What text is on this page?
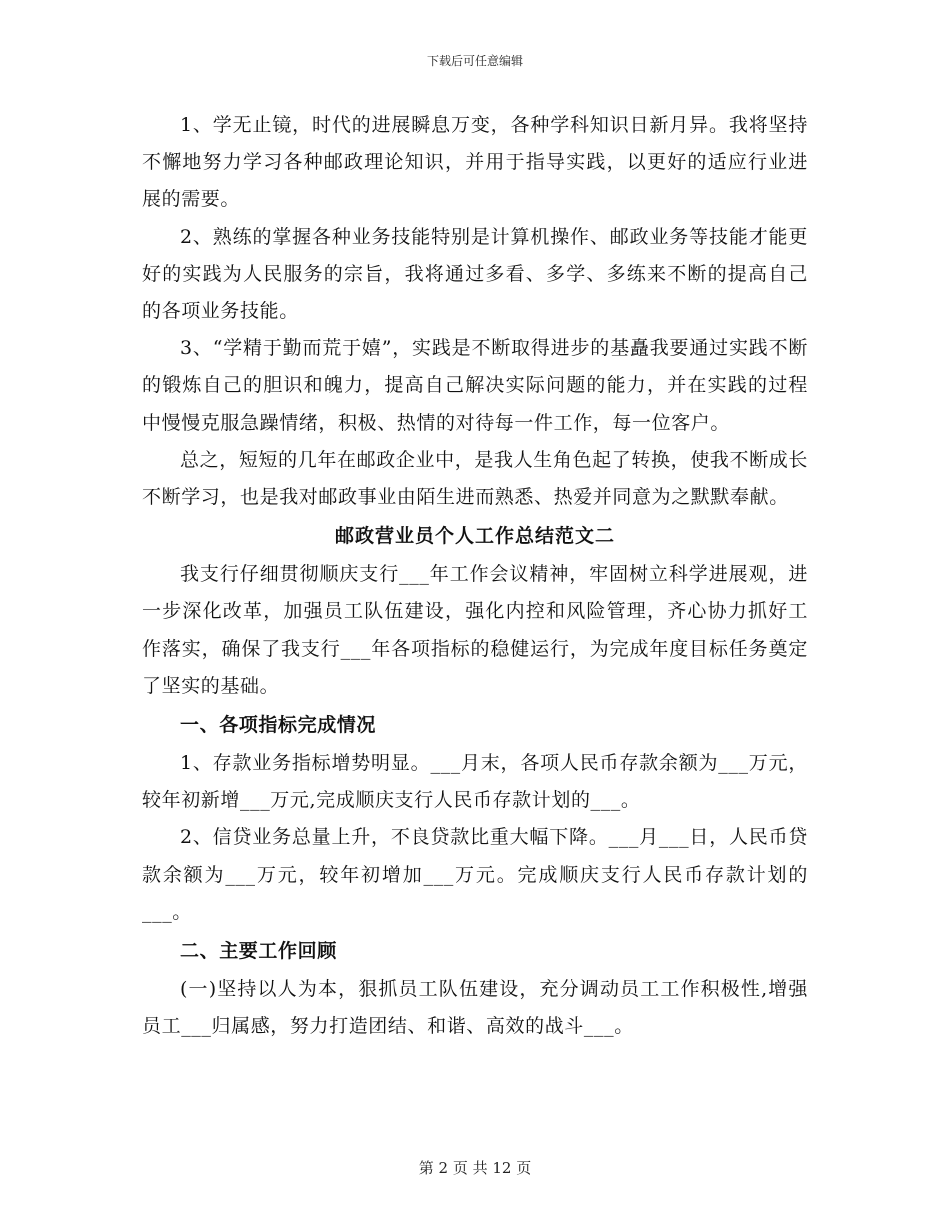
下载后可任意编辑

1、学无止镜，时代的进展瞬息万变，各种学科知识日新月异。我将坚持不懈地努力学习各种邮政理论知识，并用于指导实践，以更好的适应行业进展的需要。

2、熟练的掌握各种业务技能特别是计算机操作、邮政业务等技能才能更好的实践为人民服务的宗旨，我将通过多看、多学、多练来不断的提高自己的各项业务技能。

3、“学精于勤而荒于嬉”，实践是不断取得进步的基矗我要通过实践不断的锻炼自己的胆识和魄力，提高自己解决实际问题的能力，并在实践的过程中慢慢克服急躁情绪，积极、热情的对待每一件工作，每一位客户。

总之，短短的几年在邮政企业中，是我人生角色起了转换，使我不断成长不断学习，也是我对邮政事业由陌生进而熟悉、热爱并同意为之默默奉献。

邮政营业员个人工作总结范文二

我支行仔细贯彻顺庆支行___年工作会议精神，牢固树立科学进展观，进一步深化改革，加强员工队伍建设，强化内控和风险管理，齐心协力抓好工作落实，确保了我支行___年各项指标的稳健运行，为完成年度目标任务奠定了坚实的基础。

一、各项指标完成情况

1、存款业务指标增势明显。___月末，各项人民币存款余额为___万元，较年初新增___万元,完成顺庆支行人民币存款计划的___。

2、信贷业务总量上升，不良贷款比重大幅下降。___月___日，人民币贷款余额为___万元，较年初增加___万元。完成顺庆支行人民币存款计划的___。

二、主要工作回顾

(一)坚持以人为本，狠抓员工队伍建设，充分调动员工工作积极性,增强员工___归属感，努力打造团结、和谐、高效的战斗___。

第 2 页 共 12 页
